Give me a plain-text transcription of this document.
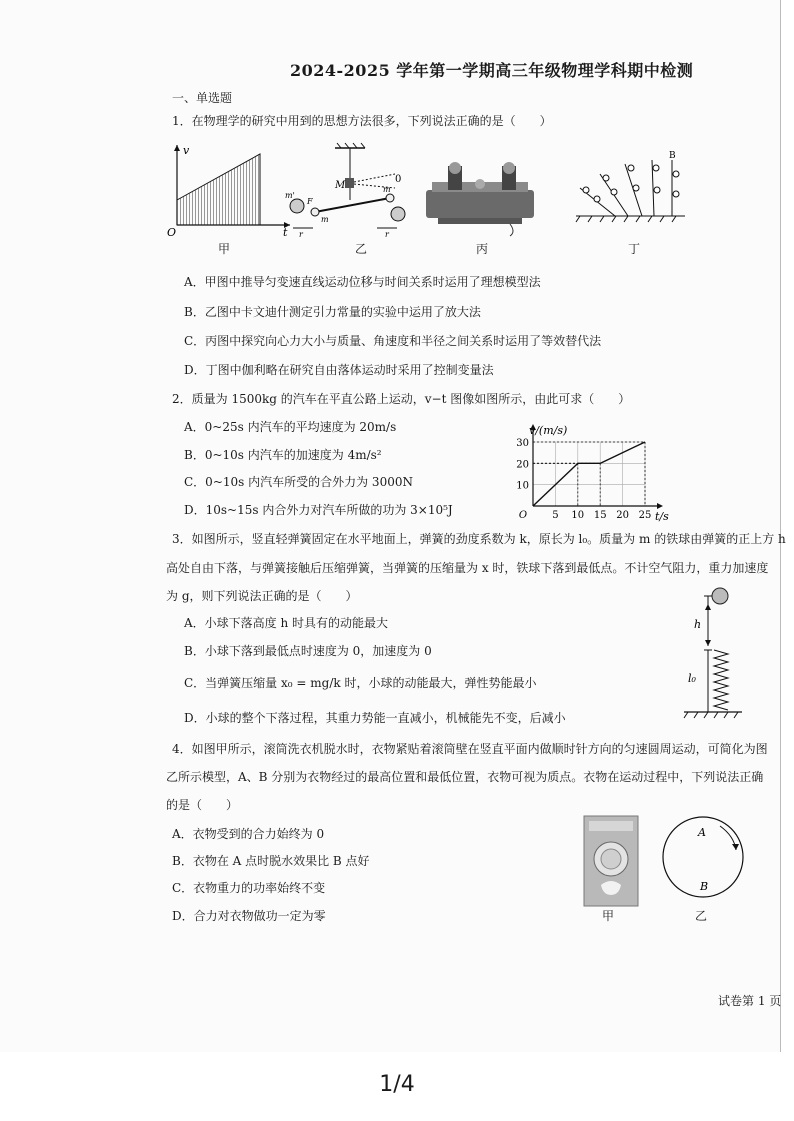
2024-2025 学年第一学期高三年级物理学科期中检测
一、单选题
1．在物理学的研究中用到的思想方法很多，下列说法正确的是（　　）
v
O	t
M
0
m'
m
m
F
r	r
B
甲	乙	丙	丁
A．甲图中推导匀变速直线运动位移与时间关系时运用了理想模型法
B．乙图中卡文迪什测定引力常量的实验中运用了放大法
C．丙图中探究向心力大小与质量、角速度和半径之间关系时运用了等效替代法
D．丁图中伽利略在研究自由落体运动时采用了控制变量法
2．质量为 1500kg 的汽车在平直公路上运动，v−t 图像如图所示，由此可求（　　）
A．0~25s 内汽车的平均速度为 20m/s
B．0~10s 内汽车的加速度为 4m/s²
C．0~10s 内汽车所受的合外力为 3000N
D．10s~15s 内合外力对汽车所做的功为 3×10⁵J	O	5 10 15 20 25
10
20
30
v/(m/s)
t/s
3．如图所示，竖直轻弹簧固定在水平地面上，弹簧的劲度系数为 k，原长为 l₀。质量为 m 的铁球由弹簧的正上方 h
高处自由下落，与弹簧接触后压缩弹簧，当弹簧的压缩量为 x 时，铁球下落到最低点。不计空气阻力，重力加速度
为 g，则下列说法正确的是（　　）
A．小球下落高度 h 时具有的动能最大
B．小球下落到最低点时速度为 0，加速度为 0
C．当弹簧压缩量 x₀ = mg/k 时，小球的动能最大，弹性势能最小
D．小球的整个下落过程，其重力势能一直减小，机械能先不变，后减小
h
l₀
4．如图甲所示，滚筒洗衣机脱水时，衣物紧贴着滚筒壁在竖直平面内做顺时针方向的匀速圆周运动，可简化为图
乙所示模型，A、B 分别为衣物经过的最高位置和最低位置，衣物可视为质点。衣物在运动过程中，下列说法正确
的是（　　）
A．衣物受到的合力始终为 0
B．衣物在 A 点时脱水效果比 B 点好
C．衣物重力的功率始终不变
D．合力对衣物做功一定为零
A
B
甲	乙
试卷第 1 页
1/4
